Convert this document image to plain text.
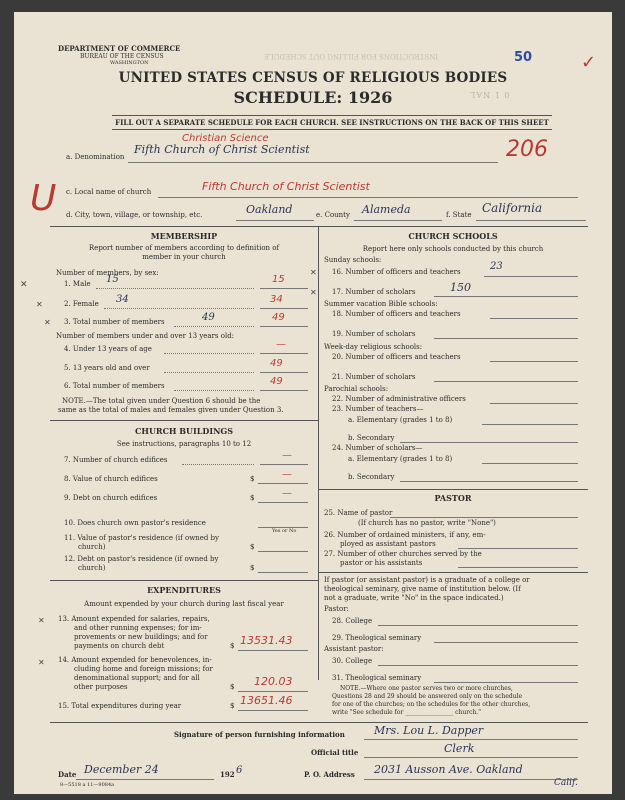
0 1 NAL
INSTRUCTIONS FOR FILLING OUT SCHEDULE
DEPARTMENT OF COMMERCE
BUREAU OF THE CENSUS
WASHINGTON	50	✓
UNITED STATES CENSUS OF RELIGIOUS BODIES
SCHEDULE: 1926
FILL OUT A SEPARATE SCHEDULE FOR EACH CHURCH. SEE INSTRUCTIONS ON THE BACK OF THIS SHEET
a. Denomination
Fifth Church of Christ Scientist
Christian Science	206
U c. Local name of church	Fifth Church of Christ Scientist
d. City, town, village, or township, etc.	Oakland	e. County Alameda	f. State California
MEMBERSHIP
Report number of members according to definition of
member in your church
Number of members, by sex:
1. Male 15	15
✕
2. Female 34	34
✕
3. Total number of members	49	49
✕
Number of members under and over 13 years old:
4. Under 13 years of age	—
5. 13 years old and over	49
6. Total number of members	49
NOTE.—The total given under Question 6 should be the
same as the total of males and females given under Question 3.
CHURCH BUILDINGS
See instructions, paragraphs 10 to 12
7. Number of church edifices	—
8. Value of church edifices	$	—
9. Debt on church edifices	$	—
10. Does church own pastor's residence
Yes or No
11. Value of pastor's residence (if owned by
church)	$
12. Debt on pastor's residence (if owned by
church)	$
EXPENDITURES
Amount expended by your church during last fiscal year
13. Amount expended for salaries, repairs,
and other running expenses; for im-
provements or new buildings; and for
payments on church debt	$ 13531.43
✕
14. Amount expended for benevolences, in-
cluding home and foreign missions; for
denominational support; and for all
other purposes	$ 120.03
✕
15. Total expenditures during year	$ 13651.46
CHURCH SCHOOLS
Report here only schools conducted by this church
Sunday schools:
16. Number of officers and teachers	23
✕
17. Number of scholars	150
✕
Summer vacation Bible schools:
18. Number of officers and teachers
19. Number of scholars
Week-day religious schools:
20. Number of officers and teachers
21. Number of scholars
Parochial schools:
22. Number of administrative officers
23. Number of teachers—
a. Elementary (grades 1 to 8)
b. Secondary
24. Number of scholars—
a. Elementary (grades 1 to 8)
b. Secondary
PASTOR
25. Name of pastor
(If church has no pastor, write "None")
26. Number of ordained ministers, if any, em-
ployed as assistant pastors
27. Number of other churches served by the
pastor or his assistants
If pastor (or assistant pastor) is a graduate of a college or
theological seminary, give name of institution below. (If
not a graduate, write "No" in the space indicated.)
Pastor:
28. College
29. Theological seminary
Assistant pastor:
30. College
31. Theological seminary
NOTE.—Where one pastor serves two or more churches,
Questions 28 and 29 should be answered only on the schedule
for one of the churches; on the schedules for the other churches,
write "See schedule for ________________ church."
Signature of person furnishing information	Mrs. Lou L. Dapper
Official title	Clerk
Date December 24	192 6	P. O. Address 2031 Ausson Ave. Oakland
Calif.
8—5518 a 11—9084a
